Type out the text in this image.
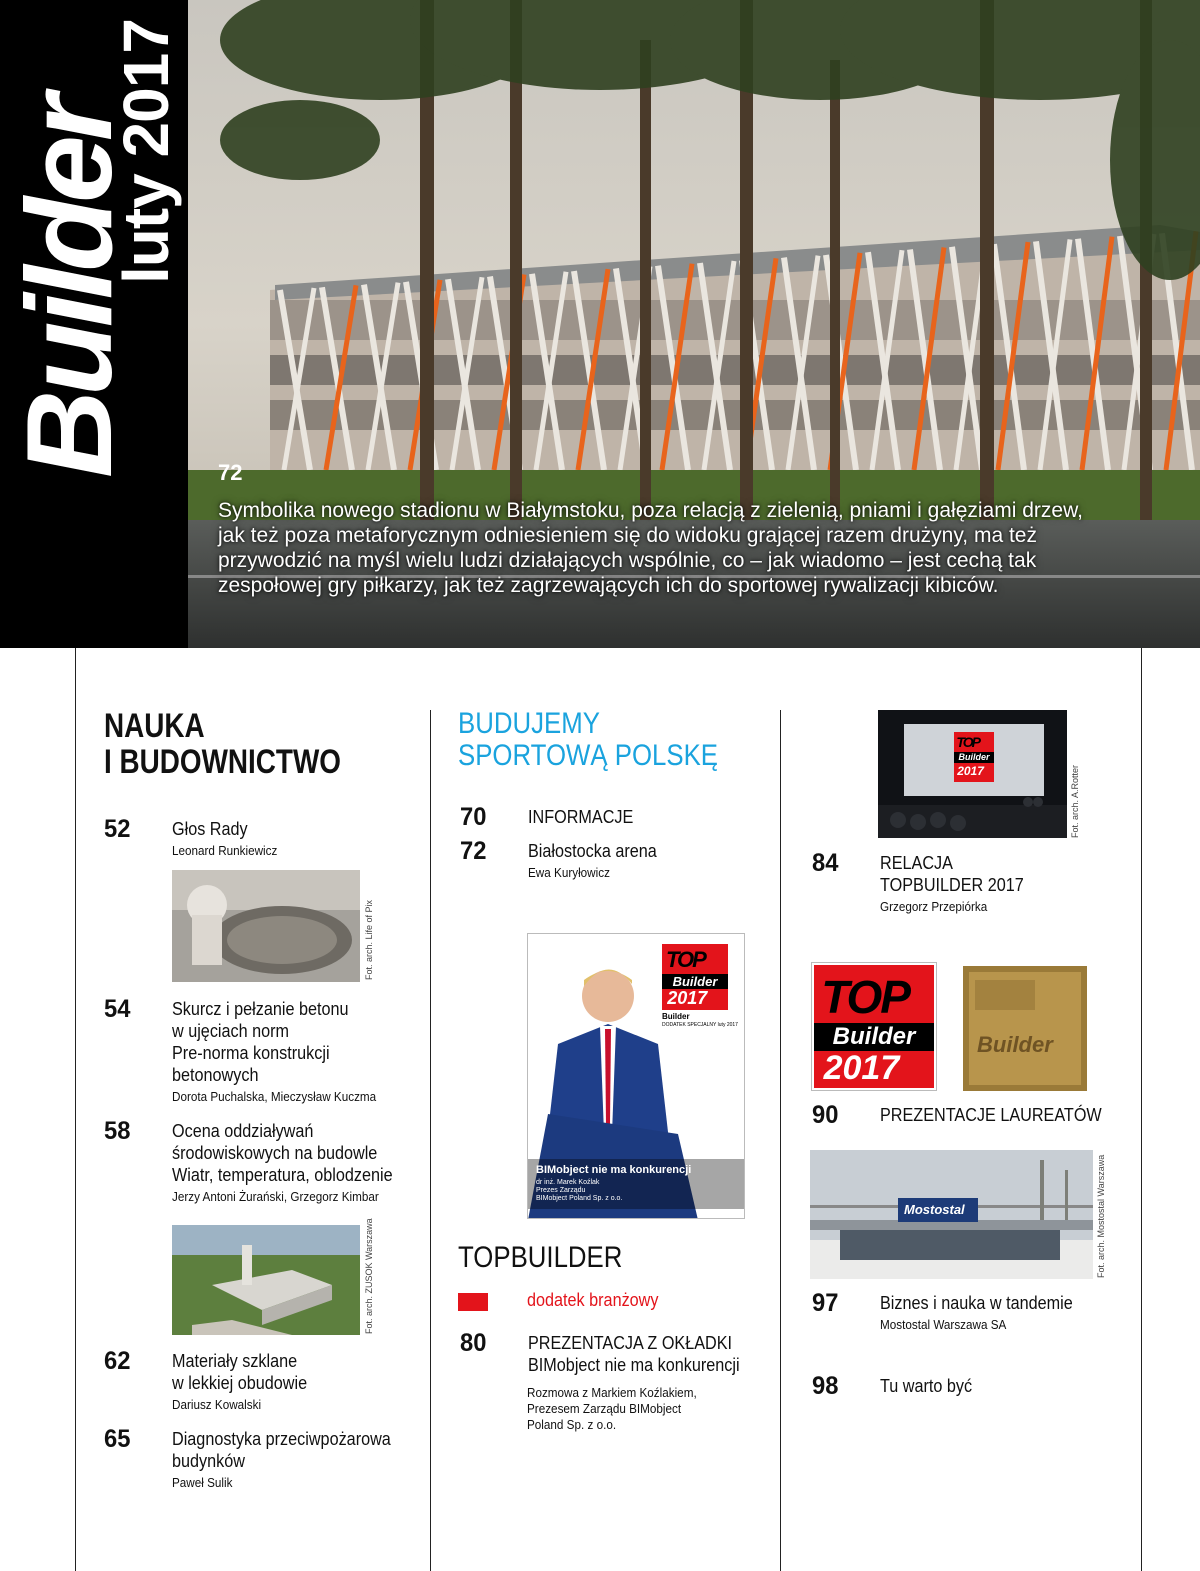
Builder
luty 2017
72
Symbolika nowego stadionu w Białymstoku, poza relacją z zielenią, pniami i gałęziami drzew,
jak też poza metaforycznym odniesieniem się do widoku grającej razem drużyny, ma też
przywodzić na myśl wielu ludzi działających wspólnie, co – jak wiadomo – jest cechą tak
zespołowej gry piłkarzy, jak też zagrzewających ich do sportowej rywalizacji kibiców.
NAUKA
I BUDOWNICTWO
52 Głos Rady
Leonard Runkiewicz
Fot. arch. Life of Pix
54 Skurcz i pełzanie betonu
w ujęciach norm
Pre-norma konstrukcji
betonowych
Dorota Puchalska, Mieczysław Kuczma
58 Ocena oddziaływań
środowiskowych na budowle
Wiatr, temperatura, oblodzenie
Jerzy Antoni Żurański, Grzegorz Kimbar
Fot. arch. ZUSOK Warszawa
62 Materiały szklane
w lekkiej obudowie
Dariusz Kowalski
65 Diagnostyka przeciwpożarowa
budynków
Paweł Sulik
BUDUJEMY
SPORTOWĄ POLSKĘ
70 INFORMACJE
72 Białostocka arena
Ewa Kuryłowicz
TOP
Builder
2017
Builder
DODATEK SPECJALNY luty 2017
BIMobject nie ma konkurencji
dr inż. Marek Koźlak
Prezes Zarządu
BIMobject Poland Sp. z o.o.
TOPBUILDER
dodatek branżowy
80 PREZENTACJA Z OKŁADKI
BIMobject nie ma konkurencji
Rozmowa z Markiem Koźlakiem,
Prezesem Zarządu BIMobject
Poland Sp. z o.o.
TOP
Builder
2017	Fot. arch. A.Rotter
84 RELACJA
TOPBUILDER 2017
Grzegorz Przepiórka
TOP
Builder
2017
Builder
90 PREZENTACJE LAUREATÓW
Mostostal	Fot. arch. Mostostal Warszawa
97 Biznes i nauka w tandemie
Mostostal Warszawa SA
98 Tu warto być
